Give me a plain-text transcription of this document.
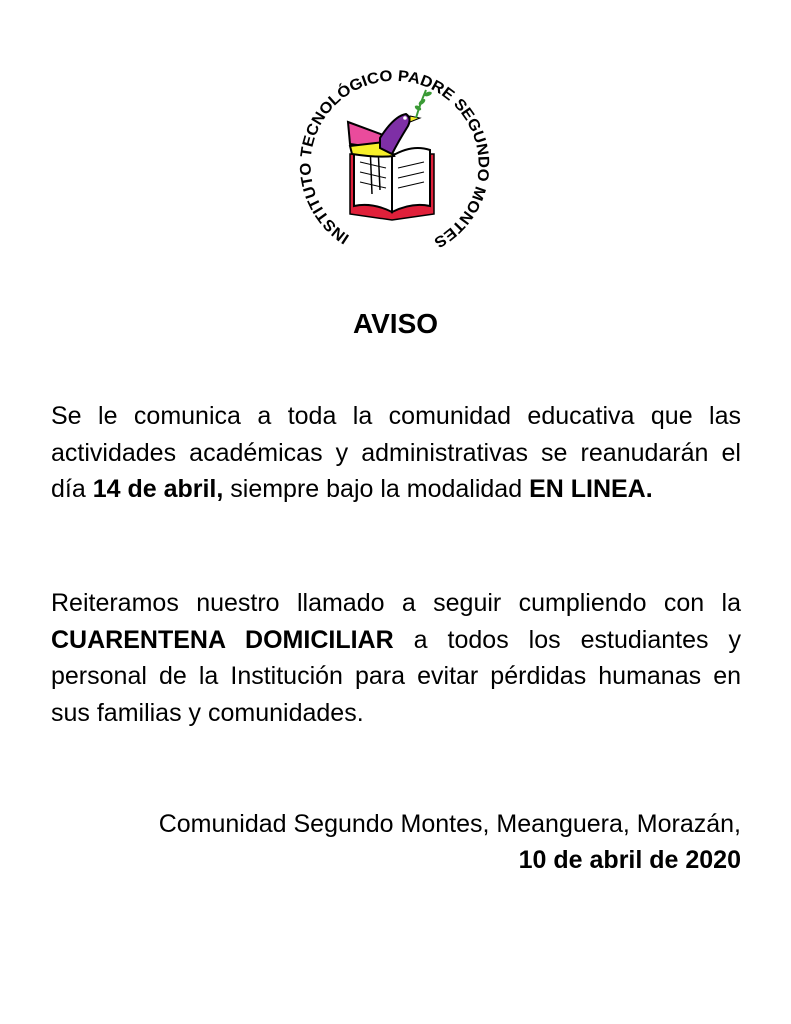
INSTITUTO TECNOLÓGICO PADRE SEGUNDO MONTES
AVISO

Se le comunica a toda la comunidad educativa que las actividades académicas y administrativas se reanudarán el día 14 de abril, siempre bajo la modalidad EN LINEA.

Reiteramos nuestro llamado a seguir cumpliendo con la CUARENTENA DOMICILIAR a todos los estudiantes y personal de la Institución para evitar pérdidas humanas en sus familias y comunidades.

Comunidad Segundo Montes, Meanguera, Morazán,
10 de abril de 2020
